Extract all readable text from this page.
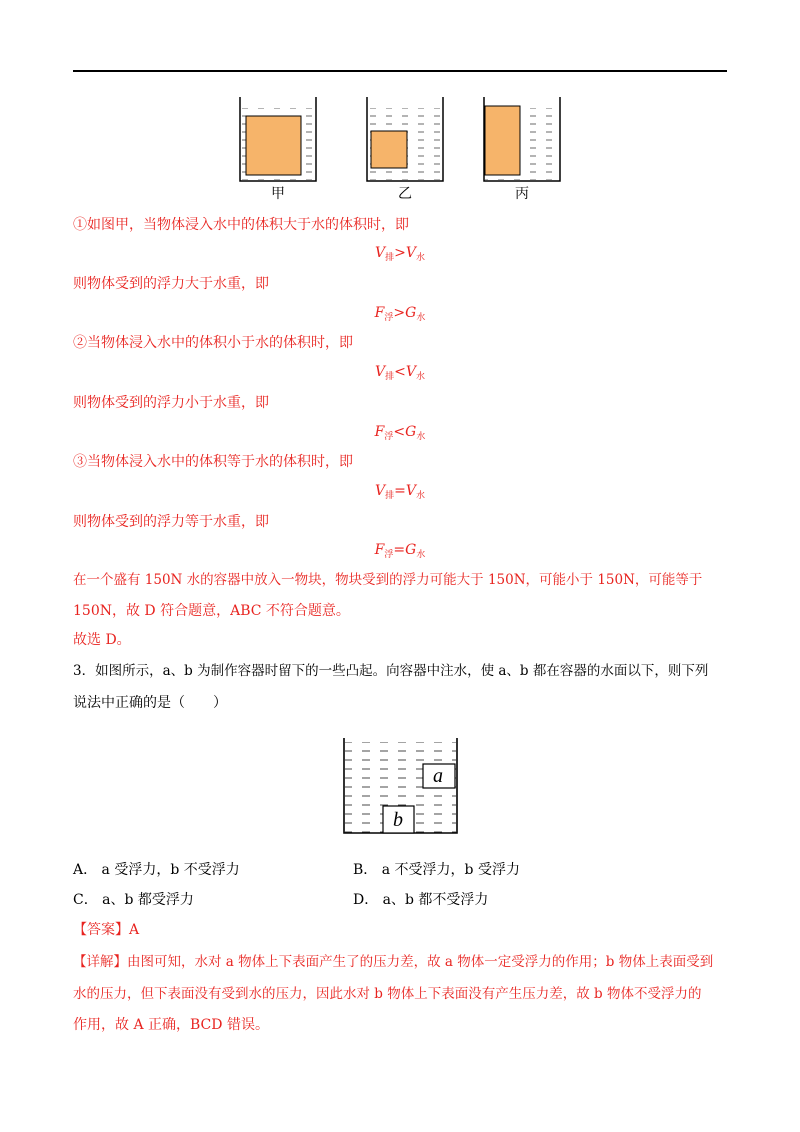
甲	乙	丙
①如图甲，当物体浸入水中的体积大于水的体积时，即
$V_排>V_水$
则物体受到的浮力大于水重，即
$F_浮>G_水$
②当物体浸入水中的体积小于水的体积时，即
$V_排<V_水$
则物体受到的浮力小于水重，即
$F_浮<G_水$
③当物体浸入水中的体积等于水的体积时，即
$V_排=V_水$
则物体受到的浮力等于水重，即
$F_浮=G_水$
在一个盛有 150N 水的容器中放入一物块，物块受到的浮力可能大于 150N，可能小于 150N，可能等于
150N，故 D 符合题意，ABC 不符合题意。
故选 D。
3．如图所示，a、b 为制作容器时留下的一些凸起。向容器中注水，使 a、b 都在容器的水面以下，则下列
说法中正确的是（　　）
a
b
A． a 受浮力，b 不受浮力	B． a 不受浮力，b 受浮力
C． a、b 都受浮力	D． a、b 都不受浮力
【答案】A
【详解】由图可知，水对 a 物体上下表面产生了的压力差，故 a 物体一定受浮力的作用；b 物体上表面受到
水的压力，但下表面没有受到水的压力，因此水对 b 物体上下表面没有产生压力差，故 b 物体不受浮力的
作用，故 A 正确，BCD 错误。
